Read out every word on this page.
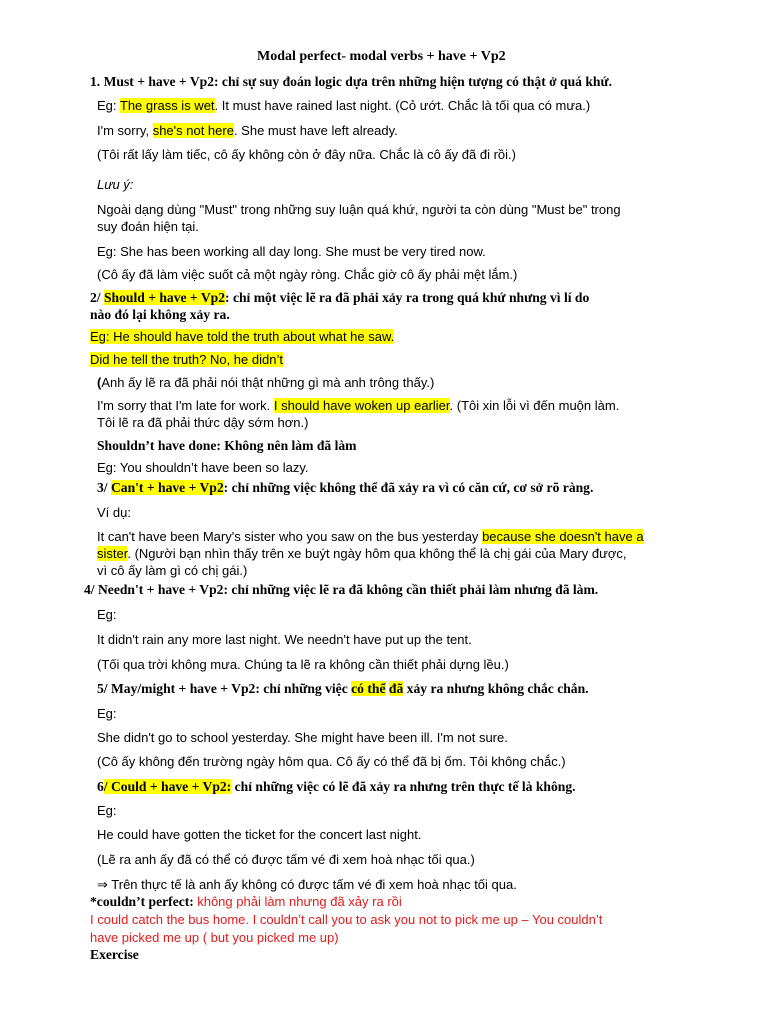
Modal perfect- modal verbs + have + Vp2
1. Must + have + Vp2: chỉ sự suy đoán logic dựa trên những hiện tượng có thật ở quá khứ.
Eg: The grass is wet. It must have rained last night. (Cỏ ướt. Chắc là tối qua có mưa.)
I'm sorry, she's not here. She must have left already.
(Tôi rất lấy làm tiếc, cô ấy không còn ở đây nữa. Chắc là cô ấy đã đi rồi.)
Lưu ý:
Ngoài dạng dùng "Must" trong những suy luận quá khứ, người ta còn dùng "Must be" trong
suy đoán hiện tại.
Eg: She has been working all day long. She must be very tired now.
(Cô ấy đã làm việc suốt cả một ngày ròng. Chắc giờ cô ấy phải mệt lắm.)
2/ Should + have + Vp2: chỉ một việc lẽ ra đã phải xảy ra trong quá khứ nhưng vì lí do
nào đó lại không xảy ra.
Eg: He should have told the truth about what he saw.
Did he tell the truth? No, he didn’t
(Anh ấy lẽ ra đã phải nói thật những gì mà anh trông thấy.)
I'm sorry that I'm late for work. I should have woken up earlier. (Tôi xin lỗi vì đến muộn làm.
Tôi lẽ ra đã phải thức dậy sớm hơn.)
Shouldn’t have done: Không nên làm đã làm
Eg: You shouldn’t have been so lazy.
3/ Can't + have + Vp2: chỉ những việc không thể đã xảy ra vì có căn cứ, cơ sở rõ ràng.
Ví dụ:
It can't have been Mary's sister who you saw on the bus yesterday because she doesn't have a
sister. (Người bạn nhìn thấy trên xe buýt ngày hôm qua không thể là chị gái của Mary được,
vì cô ấy làm gì có chị gái.)
4/ Needn't + have + Vp2: chỉ những việc lẽ ra đã không cần thiết phải làm nhưng đã làm.
Eg:
It didn't rain any more last night. We needn't have put up the tent.
(Tối qua trời không mưa. Chúng ta lẽ ra không cần thiết phải dựng lều.)
5/ May/might + have + Vp2: chỉ những việc có thể đã xảy ra nhưng không chắc chắn.
Eg:
She didn't go to school yesterday. She might have been ill. I'm not sure.
(Cô ấy không đến trường ngày hôm qua. Cô ấy có thể đã bị ốm. Tôi không chắc.)
6/ Could + have + Vp2: chỉ những việc có lẽ đã xảy ra nhưng trên thực tế là không.
Eg:
He could have gotten the ticket for the concert last night.
(Lẽ ra anh ấy đã có thể có được tấm vé đi xem hoà nhạc tối qua.)
⇒ Trên thực tế là anh ấy không có được tấm vé đi xem hoà nhạc tối qua.
*couldn’t perfect: không phải làm nhưng đã xảy ra rồi
I could catch the bus home. I couldn’t call you to ask you not to pick me up – You couldn’t
have picked me up ( but you picked me up)
Exercise
